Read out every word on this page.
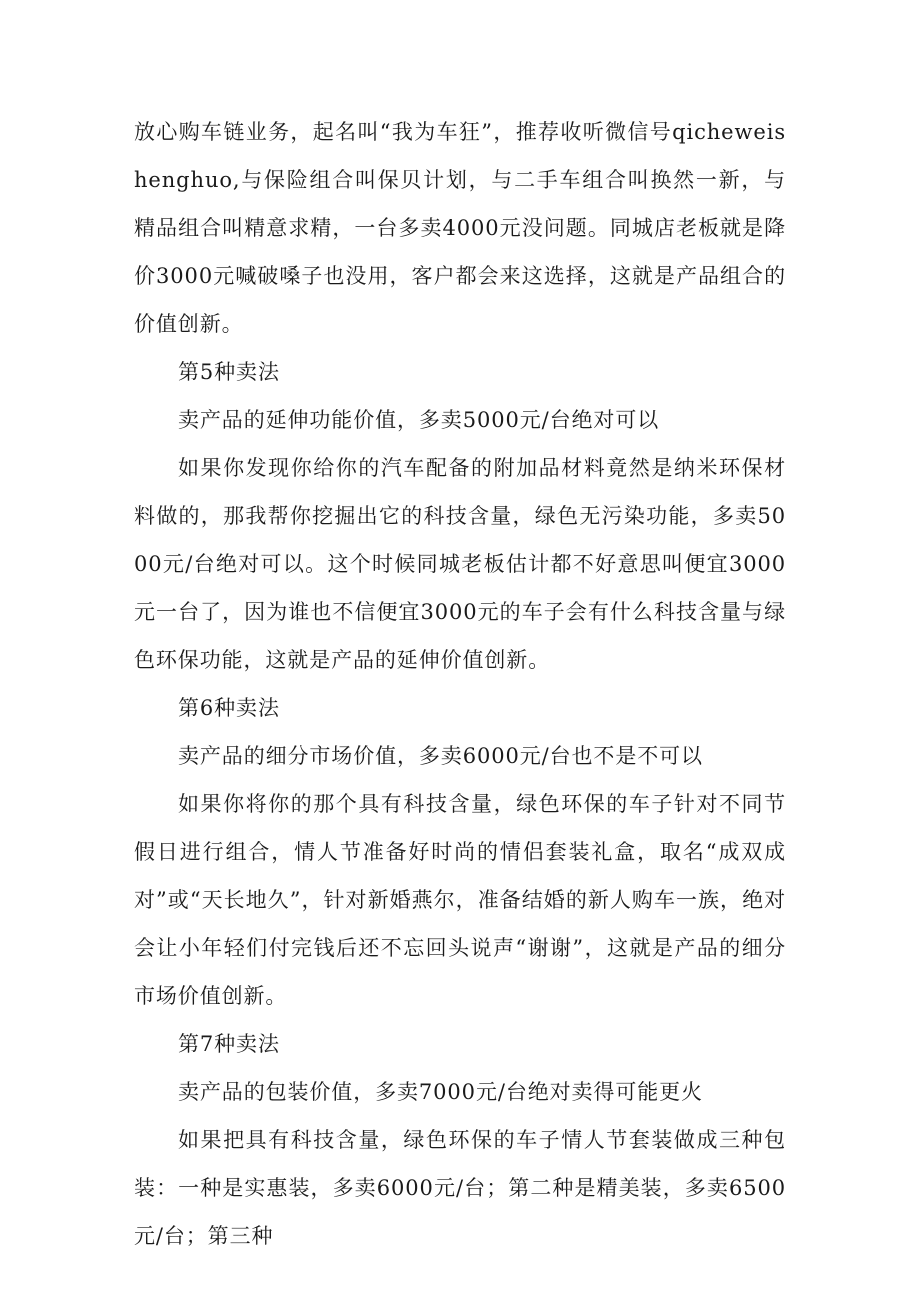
放心购车链业务，起名叫“我为车狂”，推荐收听微信号qicheweishenghuo,与保险组合叫保贝计划，与二手车组合叫换然一新，与精品组合叫精意求精，一台多卖4000元没问题。同城店老板就是降价3000元喊破嗓子也没用，客户都会来这选择，这就是产品组合的价值创新。

第5种卖法

卖产品的延伸功能价值，多卖5000元/台绝对可以

如果你发现你给你的汽车配备的附加品材料竟然是纳米环保材料做的，那我帮你挖掘出它的科技含量，绿色无污染功能，多卖5000元/台绝对可以。这个时候同城老板估计都不好意思叫便宜3000元一台了，因为谁也不信便宜3000元的车子会有什么科技含量与绿色环保功能，这就是产品的延伸价值创新。

第6种卖法

卖产品的细分市场价值，多卖6000元/台也不是不可以

如果你将你的那个具有科技含量，绿色环保的车子针对不同节假日进行组合，情人节准备好时尚的情侣套装礼盒，取名“成双成对”或“天长地久”，针对新婚燕尔，准备结婚的新人购车一族，绝对会让小年轻们付完钱后还不忘回头说声“谢谢”，这就是产品的细分市场价值创新。

第7种卖法

卖产品的包装价值，多卖7000元/台绝对卖得可能更火

如果把具有科技含量，绿色环保的车子情人节套装做成三种包装：一种是实惠装，多卖6000元/台；第二种是精美装，多卖6500元/台；第三种
